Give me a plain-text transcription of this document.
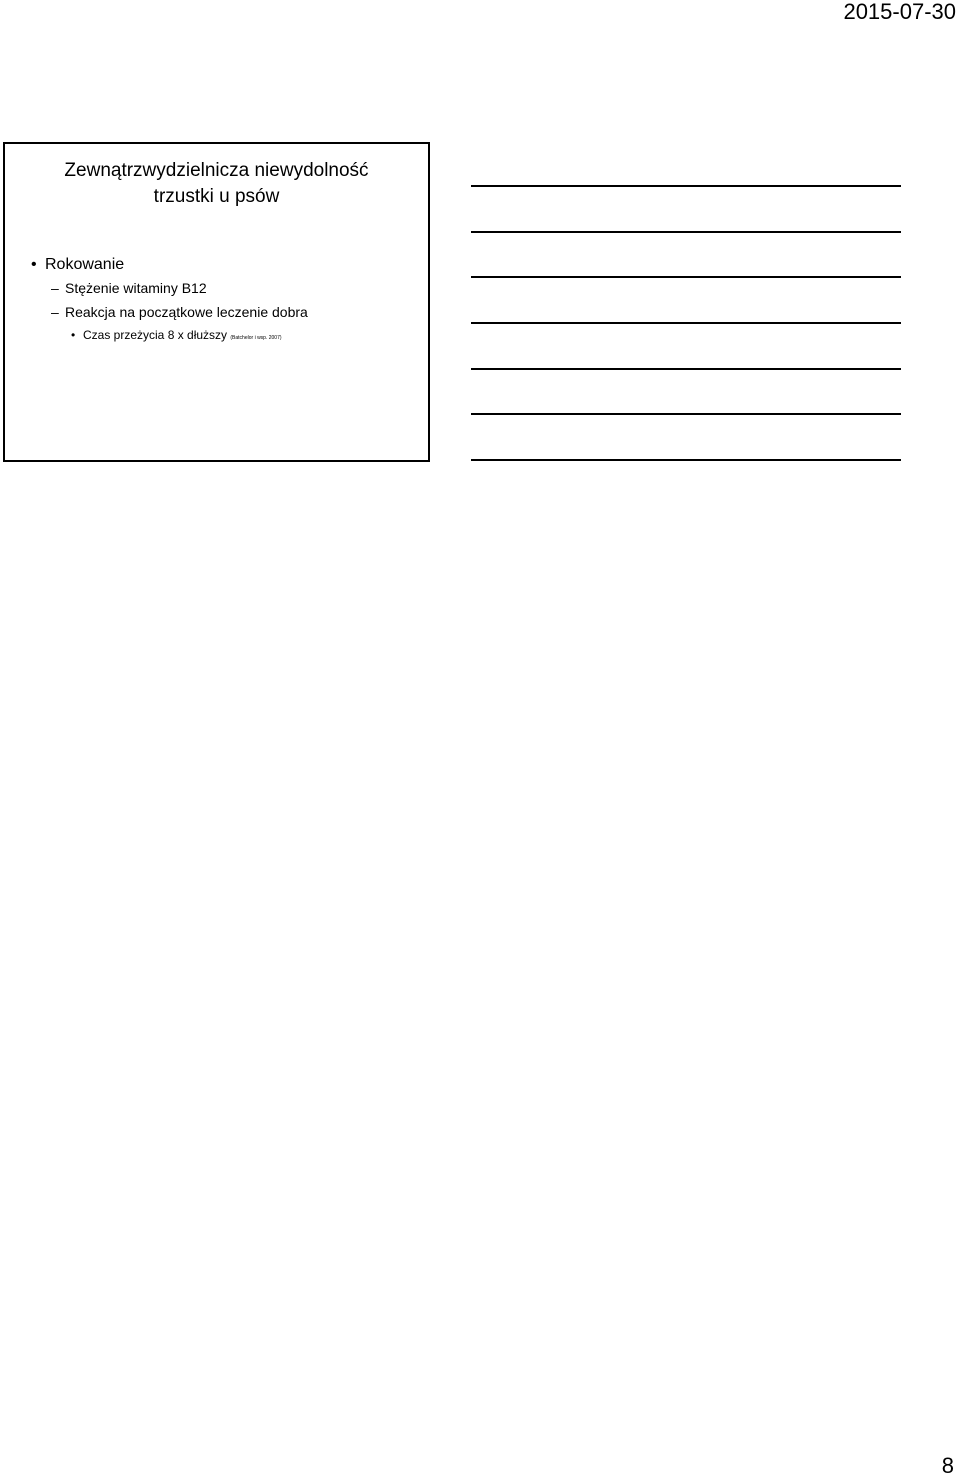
2015-07-30
Zewnątrzwydzielnicza niewydolność
trzustki u psów
• Rokowanie
– Stężenie witaminy B12
– Reakcja na początkowe leczenie dobra
• Czas przeżycia 8 x dłuższy (Batchelor i wsp. 2007)
8
